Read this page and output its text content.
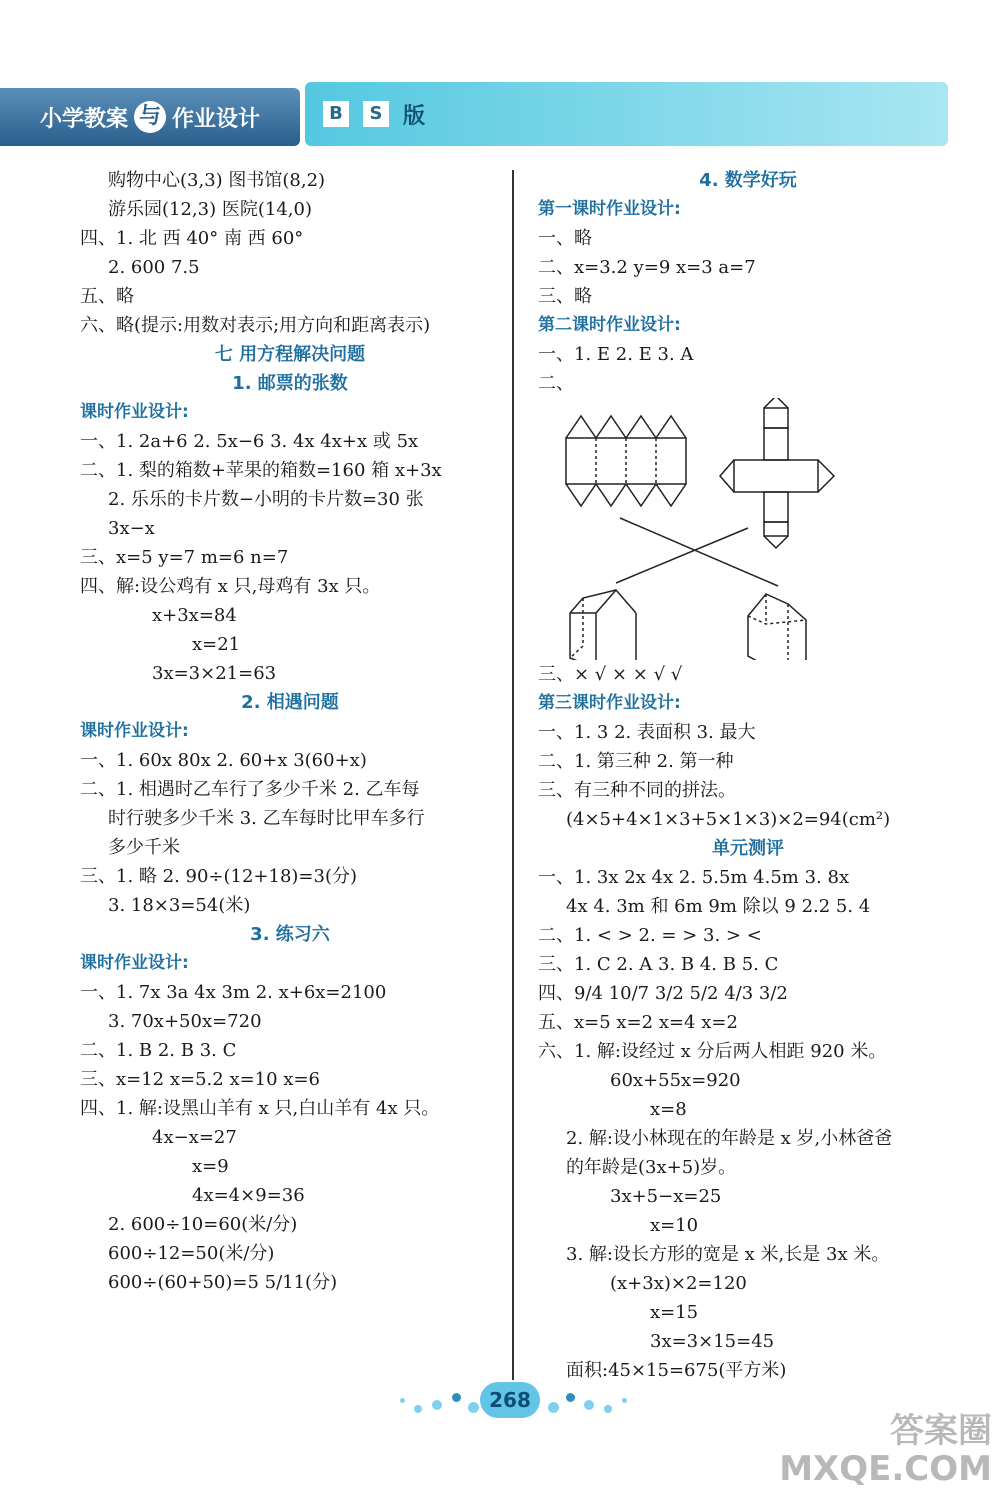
小学教案 与 作业设计	B	S 版
购物中心(3,3) 图书馆(8,2)
游乐园(12,3) 医院(14,0)
四、1. 北 西 40° 南 西 60°
2. 600 7.5
五、略
六、略(提示:用数对表示;用方向和距离表示)
七 用方程解决问题
1. 邮票的张数
课时作业设计:
一、1. 2a+6 2. 5x−6 3. 4x 4x+x 或 5x
二、1. 梨的箱数+苹果的箱数=160 箱 x+3x
2. 乐乐的卡片数−小明的卡片数=30 张
3x−x
三、x=5 y=7 m=6 n=7
四、解:设公鸡有 x 只,母鸡有 3x 只。
x+3x=84
x=21
3x=3×21=63
2. 相遇问题
课时作业设计:
一、1. 60x 80x 2. 60+x 3(60+x)
二、1. 相遇时乙车行了多少千米 2. 乙车每
时行驶多少千米 3. 乙车每时比甲车多行
多少千米
三、1. 略 2. 90÷(12+18)=3(分)
3. 18×3=54(米)
3. 练习六
课时作业设计:
一、1. 7x 3a 4x 3m 2. x+6x=2100
3. 70x+50x=720
二、1. B 2. B 3. C
三、x=12 x=5.2 x=10 x=6
四、1. 解:设黑山羊有 x 只,白山羊有 4x 只。
4x−x=27
x=9
4x=4×9=36
2. 600÷10=60(米/分)
600÷12=50(米/分)
600÷(60+50)=5 5/11(分)
4. 数学好玩
第一课时作业设计:
一、略
二、x=3.2 y=9 x=3 a=7
三、略
第二课时作业设计:
一、1. E 2. E 3. A
二、
三、× √ × × √ √
第三课时作业设计:
一、1. 3 2. 表面积 3. 最大
二、1. 第三种 2. 第一种
三、有三种不同的拼法。
(4×5+4×1×3+5×1×3)×2=94(cm²)
单元测评
一、1. 3x 2x 4x 2. 5.5m 4.5m 3. 8x
4x 4. 3m 和 6m 9m 除以 9 2.2 5. 4
二、1. < > 2. = > 3. > <
三、1. C 2. A 3. B 4. B 5. C
四、9/4 10/7 3/2 5/2 4/3 3/2
五、x=5 x=2 x=4 x=2
六、1. 解:设经过 x 分后两人相距 920 米。
60x+55x=920
x=8
2. 解:设小林现在的年龄是 x 岁,小林爸爸
的年龄是(3x+5)岁。
3x+5−x=25
x=10
3. 解:设长方形的宽是 x 米,长是 3x 米。
(x+3x)×2=120
x=15
3x=3×15=45
面积:45×15=675(平方米)
268
答案圈
MXQE.COM
